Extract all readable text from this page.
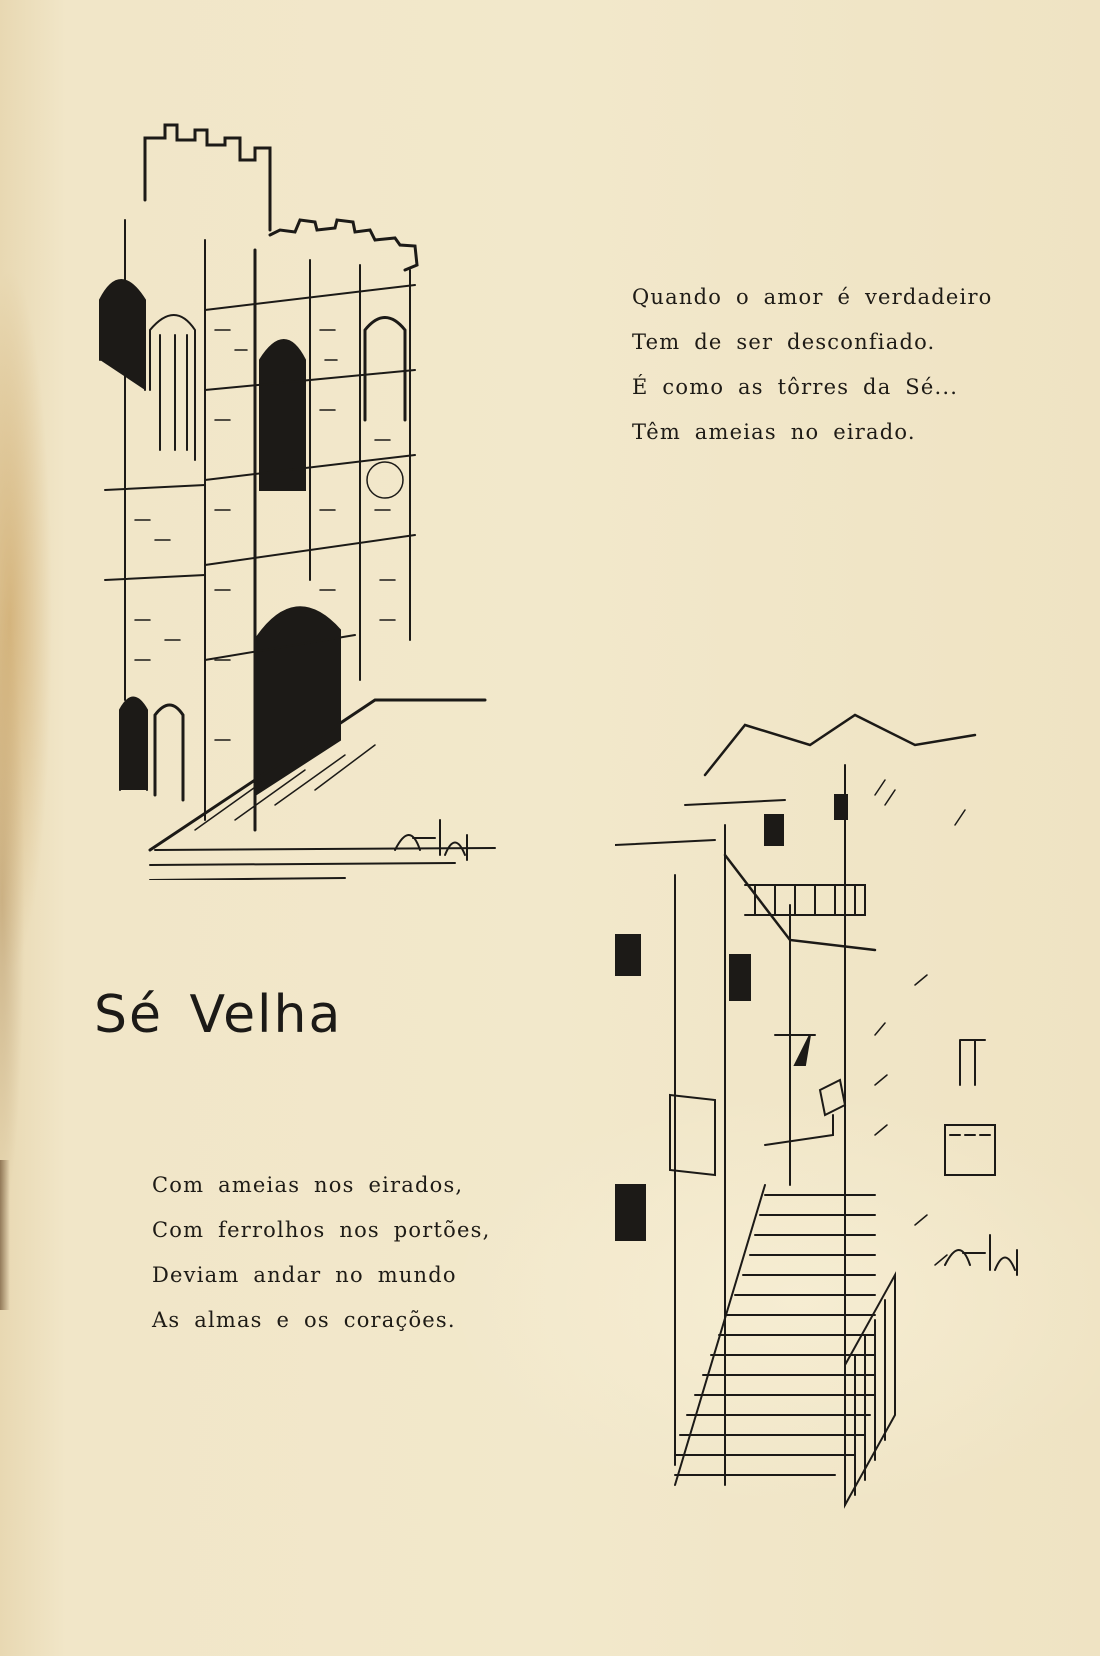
Quando o amor é verdadeiro
Tem de ser desconfiado.
É como as tôrres da Sé...
Têm ameias no eirado.
Sé Velha
Com ameias nos eirados,
Com ferrolhos nos portões,
Deviam andar no mundo
As almas e os corações.
